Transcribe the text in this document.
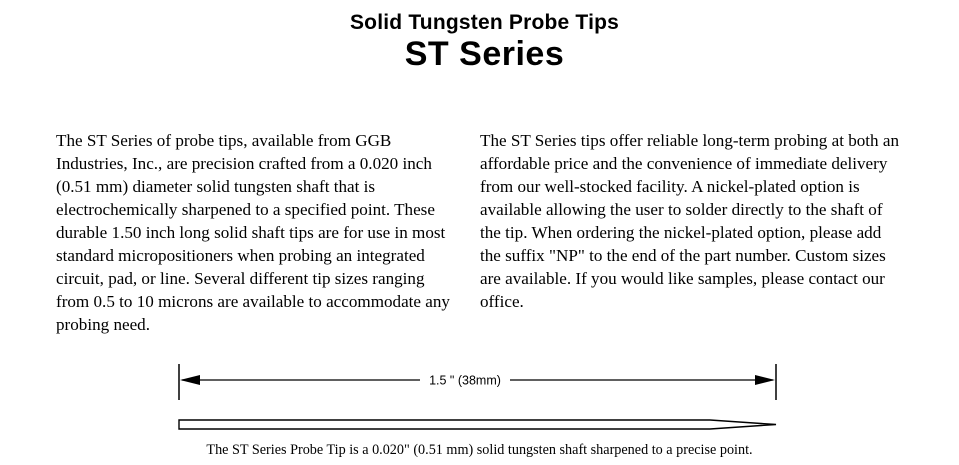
Solid Tungsten Probe Tips
ST Series

The ST Series of probe tips, available from GGB Industries, Inc., are precision crafted from a 0.020 inch (0.51 mm) diameter solid tungsten shaft that is electrochemically sharpened to a specified point. These durable 1.50 inch long solid shaft tips are for use in most standard micropositioners when probing an integrated circuit, pad, or line. Several different tip sizes ranging from 0.5 to 10 microns are available to accommodate any probing need.

The ST Series tips offer reliable long-term probing at both an affordable price and the convenience of immediate delivery from our well-stocked facility. A nickel-plated option is available allowing the user to solder directly to the shaft of the tip. When ordering the nickel-plated option, please add the suffix "NP" to the end of the part number. Custom sizes are available. If you would like samples, please contact our office.

1.5 " (38mm)
The ST Series Probe Tip is a 0.020" (0.51 mm) solid tungsten shaft sharpened to a precise point.
